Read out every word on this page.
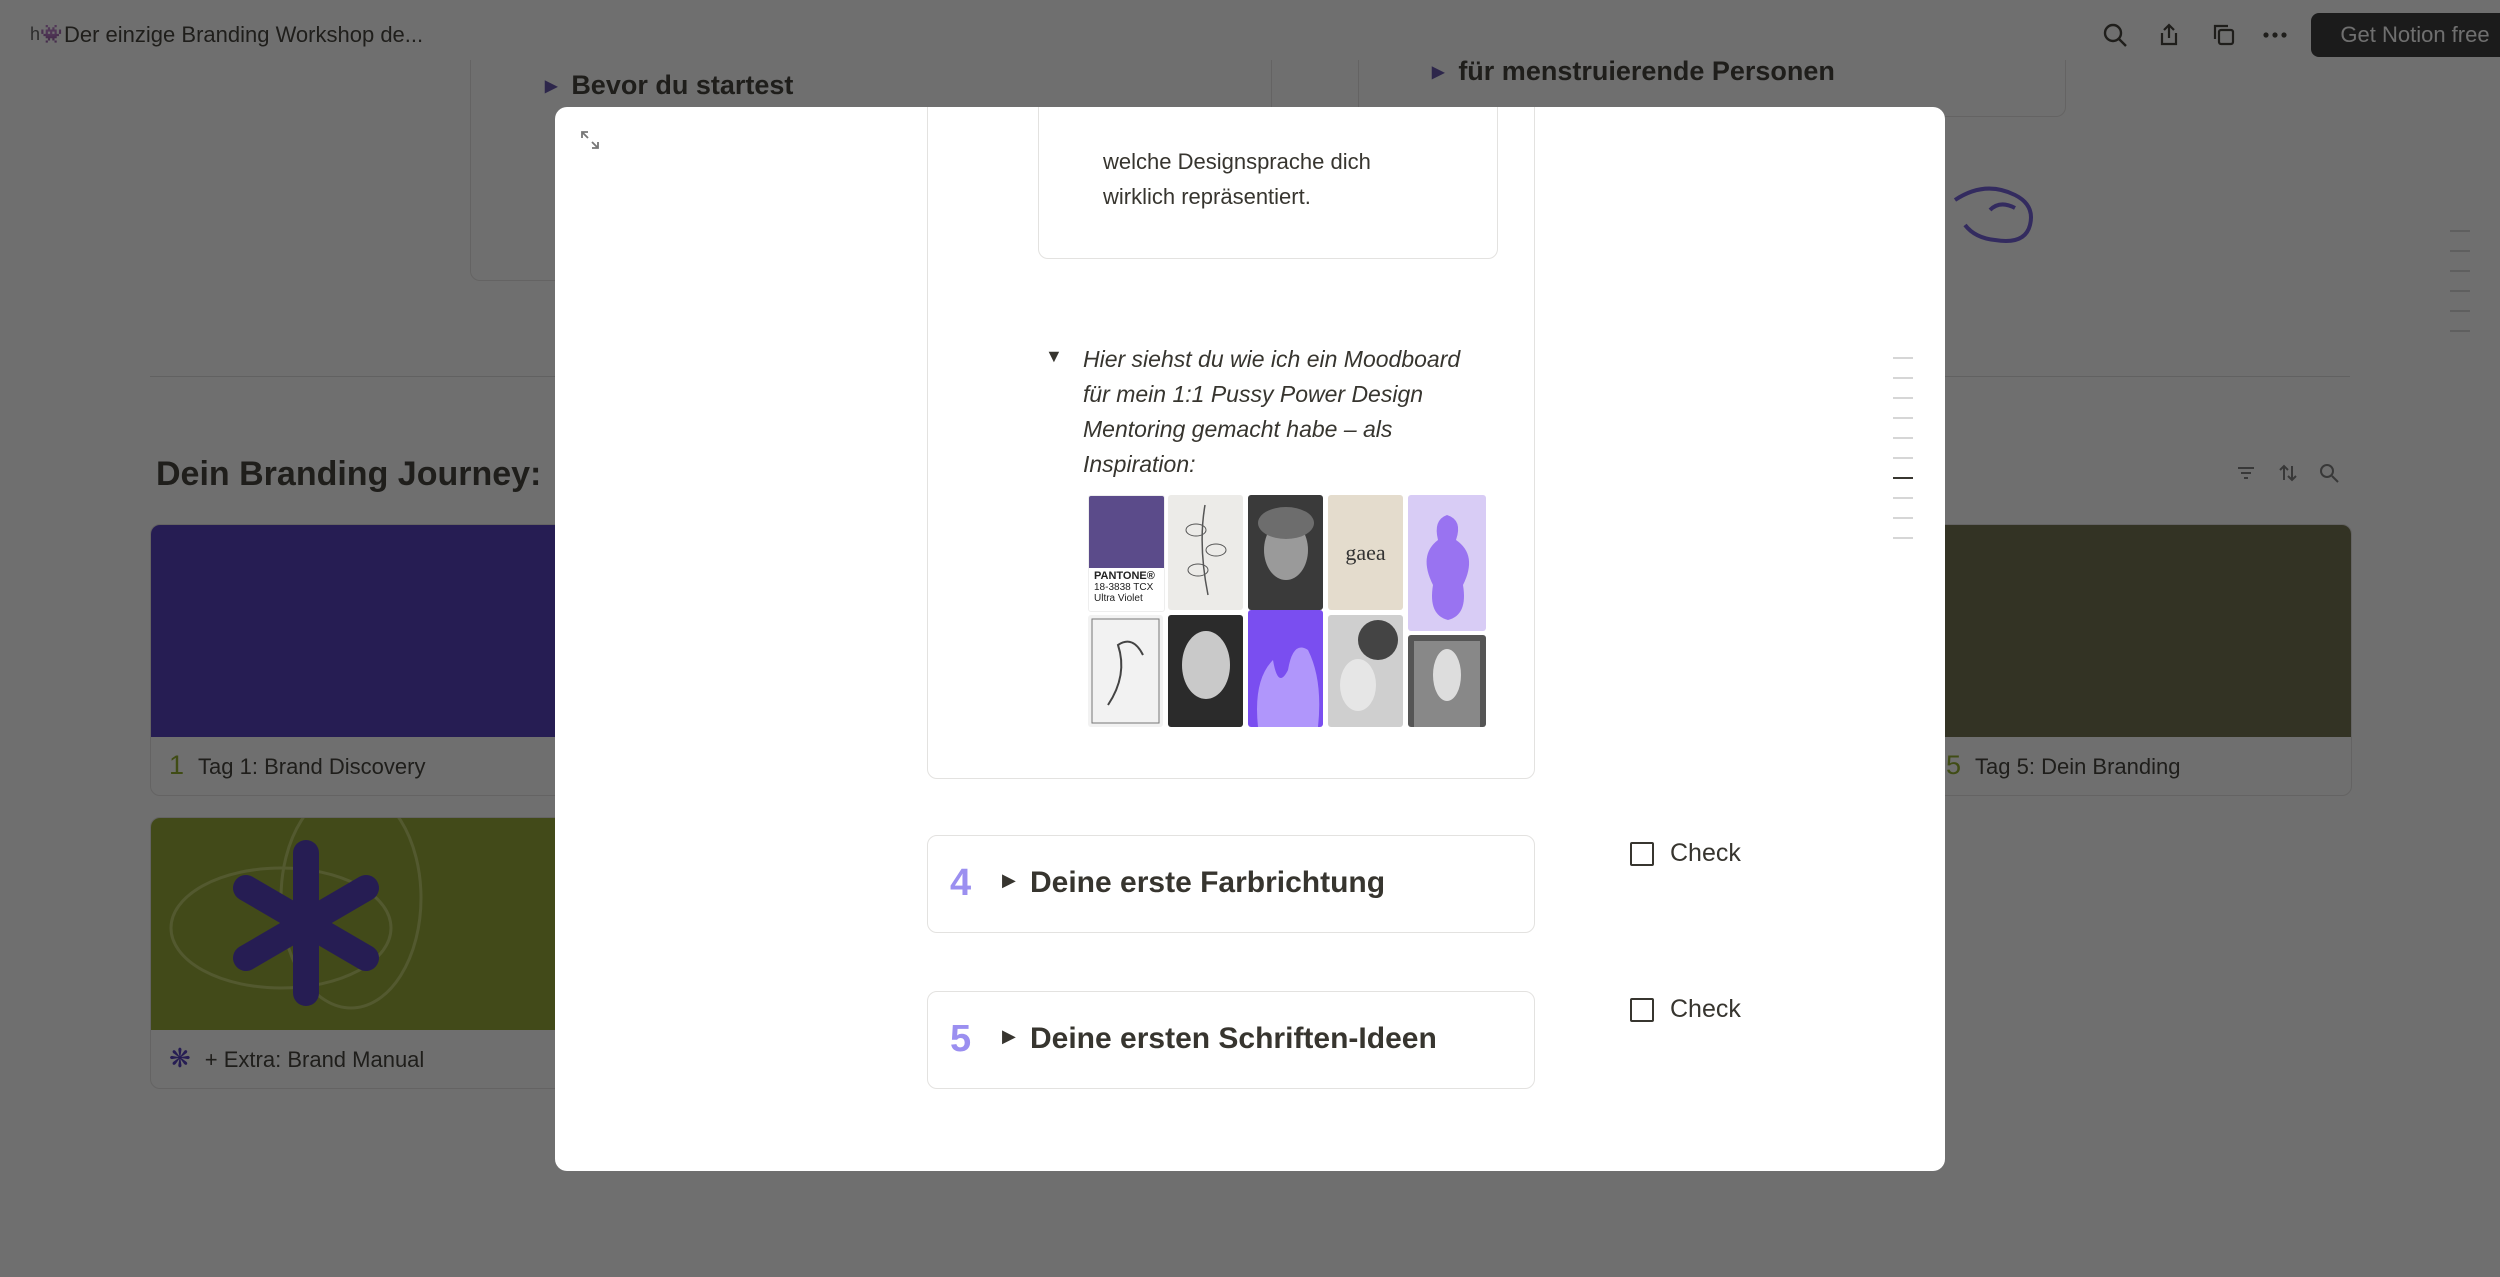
welche Designsprache dich
wirklich repräsentiert.
▼ Hier siehst du wie ich ein Moodboard
für mein 1:1 Pussy Power Design
Mentoring gemacht habe – als
Inspiration:
PANTONE®
18-3838 TCX
Ultra Violet
gaea
4 ▶ Deine erste Farbrichtung
Check
5 ▶ Deine ersten Schriften-Ideen
Check
